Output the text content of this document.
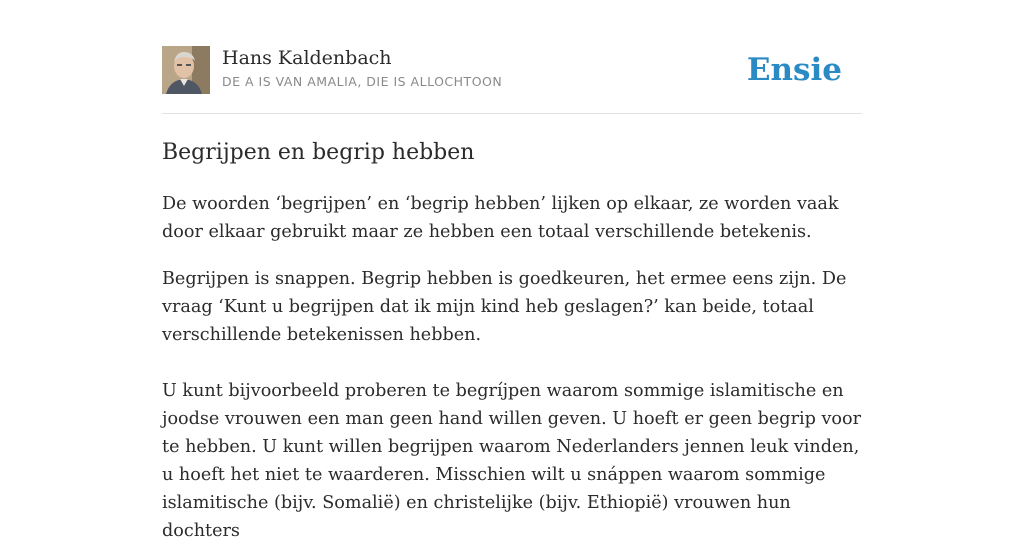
Hans Kaldenbach
DE A IS VAN AMALIA, DIE IS ALLOCHTOON	Ensie
Begrijpen en begrip hebben

De woorden ‘begrijpen’ en ‘begrip hebben’ lijken op elkaar, ze worden vaak door elkaar gebruikt maar ze hebben een totaal verschillende betekenis.

Begrijpen is snappen. Begrip hebben is goedkeuren, het ermee eens zijn. De vraag ‘Kunt u begrijpen dat ik mijn kind heb geslagen?’ kan beide, totaal verschillende betekenissen hebben.

U kunt bijvoorbeeld proberen te begríjpen waarom sommige islamitische en joodse vrouwen een man geen hand willen geven. U hoeft er geen begrip voor te hebben. U kunt willen begrijpen waarom Nederlanders jennen leuk vinden, u hoeft het niet te waarderen. Misschien wilt u snáppen waarom sommige islamitische (bijv. Somalië) en christelijke (bijv. Ethiopië) vrouwen hun dochters
